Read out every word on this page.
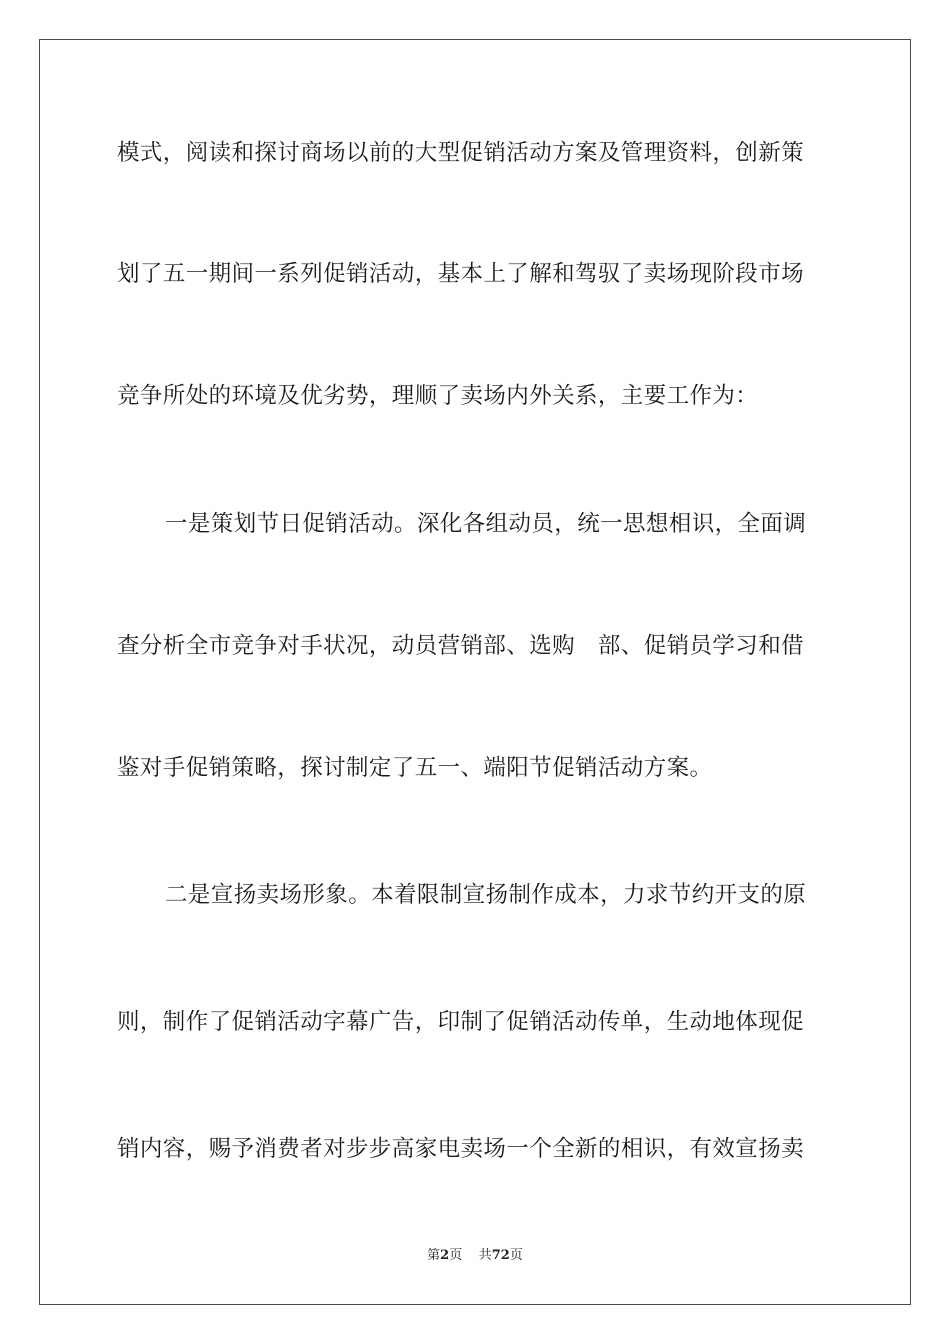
模式，阅读和探讨商场以前的大型促销活动方案及管理资料，创新策
划了五一期间一系列促销活动，基本上了解和驾驭了卖场现阶段市场
竞争所处的环境及优劣势，理顺了卖场内外关系，主要工作为：
一是策划节日促销活动。深化各组动员，统一思想相识，全面调
查分析全市竞争对手状况，动员营销部、选购　部、促销员学习和借
鉴对手促销策略，探讨制定了五一、端阳节促销活动方案。
二是宣扬卖场形象。本着限制宣扬制作成本，力求节约开支的原
则，制作了促销活动字幕广告，印制了促销活动传单，生动地体现促
销内容，赐予消费者对步步高家电卖场一个全新的相识，有效宣扬卖
第2页 共72页
